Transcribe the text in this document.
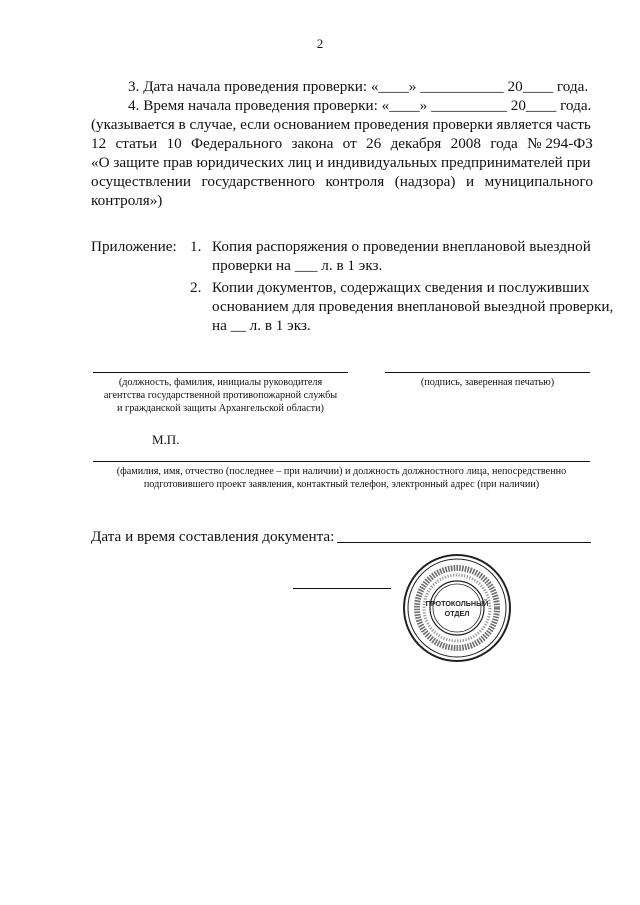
2
3. Дата начала проведения проверки: «____» ___________ 20____ года.
4. Время начала проведения проверки: «____» __________ 20____ года.
(указывается в случае, если основанием проведения проверки является часть
12 статьи 10 Федерального закона от 26 декабря 2008 года № 294-ФЗ
«О защите прав юридических лиц и индивидуальных предпринимателей при
осуществлении государственного контроля (надзора) и муниципального
контроля»)
Приложение: 1. Копия распоряжения о проведении внеплановой выездной
проверки на ___ л. в 1 экз.
2. Копии документов, содержащих сведения и послуживших
основанием для проведения внеплановой выездной проверки,
на __ л. в 1 экз.
(должность, фамилия, инициалы руководителя
агентства государственной противопожарной службы
и гражданской защиты Архангельской области)
(подпись, заверенная печатью)
М.П.
(фамилия, имя, отчество (последнее – при наличии) и должность должностного лица, непосредственно
подготовившего проект заявления, контактный телефон, электронный адрес (при наличии)
Дата и время составления документа:
ПРОТОКОЛЬНЫЙ
ОТДЕЛ
